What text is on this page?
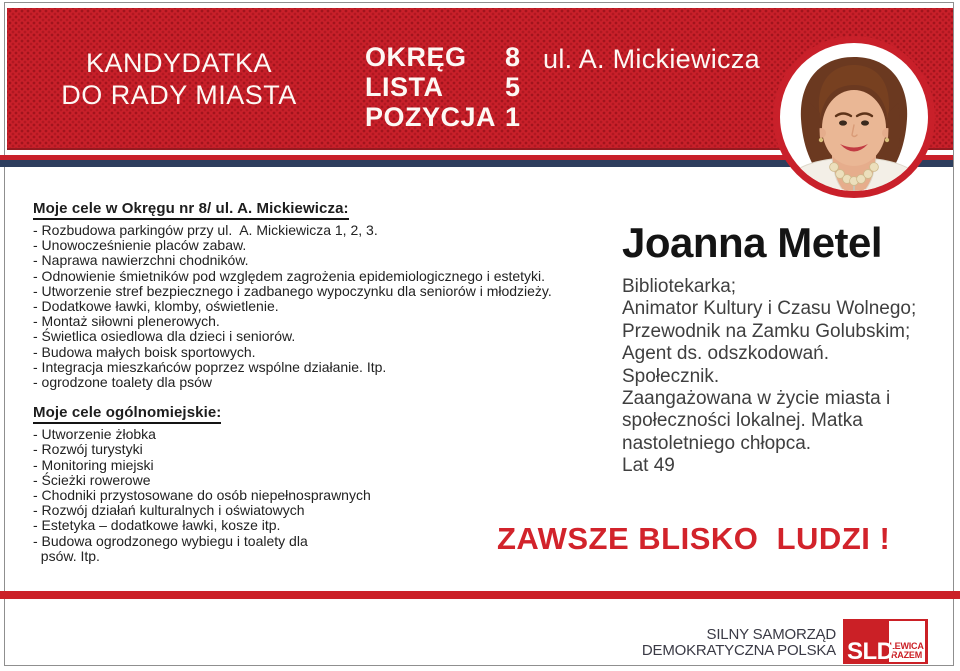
KANDYDATKA
DO RADY MIASTA
OKRĘG 8
LISTA 5
POZYCJA 1
ul. A. Mickiewicza
Moje cele w Okręgu nr 8/ ul. A. Mickiewicza:
- Rozbudowa parkingów przy ul.  A. Mickiewicza 1, 2, 3.
- Unowocześnienie placów zabaw.
- Naprawa nawierzchni chodników.
- Odnowienie śmietników pod względem zagrożenia epidemiologicznego i estetyki.
- Utworzenie stref bezpiecznego i zadbanego wypoczynku dla seniorów i młodzieży.
- Dodatkowe ławki, klomby, oświetlenie.
- Montaż siłowni plenerowych.
- Świetlica osiedlowa dla dzieci i seniorów.
- Budowa małych boisk sportowych.
- Integracja mieszkańców poprzez wspólne działanie. Itp.
- ogrodzone toalety dla psów
Moje cele ogólnomiejskie:
- Utworzenie żłobka
- Rozwój turystyki
- Monitoring miejski
- Ścieżki rowerowe
- Chodniki przystosowane do osób niepełnosprawnych
- Rozwój działań kulturalnych i oświatowych
- Estetyka – dodatkowe ławki, kosze itp.
- Budowa ogrodzonego wybiegu i toalety dla
psów. Itp.
Joanna Metel
Bibliotekarka;
Animator Kultury i Czasu Wolnego;
Przewodnik na Zamku Golubskim;
Agent ds. odszkodowań.
Społecznik.
Zaangażowana w życie miasta i
społeczności lokalnej. Matka
nastoletniego chłopca.
Lat 49
ZAWSZE BLISKO  LUDZI !
SILNY SAMORZĄD
DEMOKRATYCZNA POLSKA	LEWICA
RAZEM
SLD
